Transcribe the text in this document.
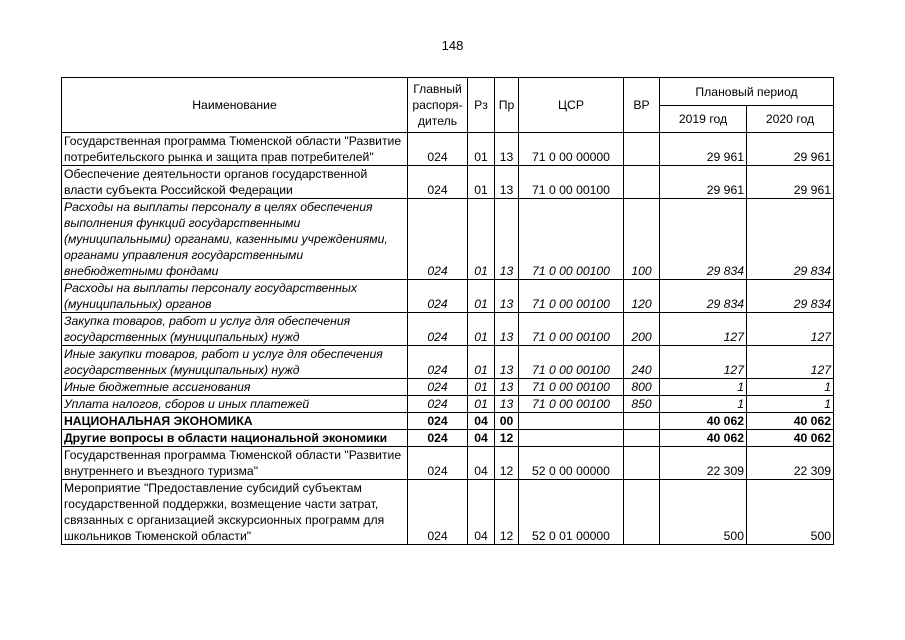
148
Наименование	Главный распоря-дитель	Рз	Пр	ЦСР	ВР	Плановый период	
						2019 год	2020 год
Государственная программа Тюменской области "Развитие потребительского рынка и защита прав потребителей"	024	01	13	71 0 00 00000		29 961	29 961
Обеспечение деятельности органов государственной власти субъекта Российской Федерации	024	01	13	71 0 00 00100		29 961	29 961
Расходы на выплаты персоналу в целях обеспечения выполнения функций государственными (муниципальными) органами, казенными учреждениями, органами управления государственными внебюджетными фондами	024	01	13	71 0 00 00100	100	29 834	29 834
Расходы на выплаты персоналу государственных (муниципальных) органов	024	01	13	71 0 00 00100	120	29 834	29 834
Закупка товаров, работ и услуг для обеспечения государственных (муниципальных) нужд	024	01	13	71 0 00 00100	200	127	127
Иные закупки товаров, работ и услуг для обеспечения государственных (муниципальных) нужд	024	01	13	71 0 00 00100	240	127	127
Иные бюджетные ассигнования	024	01	13	71 0 00 00100	800	1	1
Уплата налогов, сборов и иных платежей	024	01	13	71 0 00 00100	850	1	1
НАЦИОНАЛЬНАЯ ЭКОНОМИКА	024	04	00			40 062	40 062
Другие вопросы в области национальной экономики	024	04	12			40 062	40 062
Государственная программа Тюменской области "Развитие внутреннего и въездного туризма"	024	04	12	52 0 00 00000		22 309	22 309
Мероприятие "Предоставление субсидий субъектам государственной поддержки, возмещение части затрат, связанных с организацией экскурсионных программ для школьников Тюменской области"	024	04	12	52 0 01 00000		500	500
